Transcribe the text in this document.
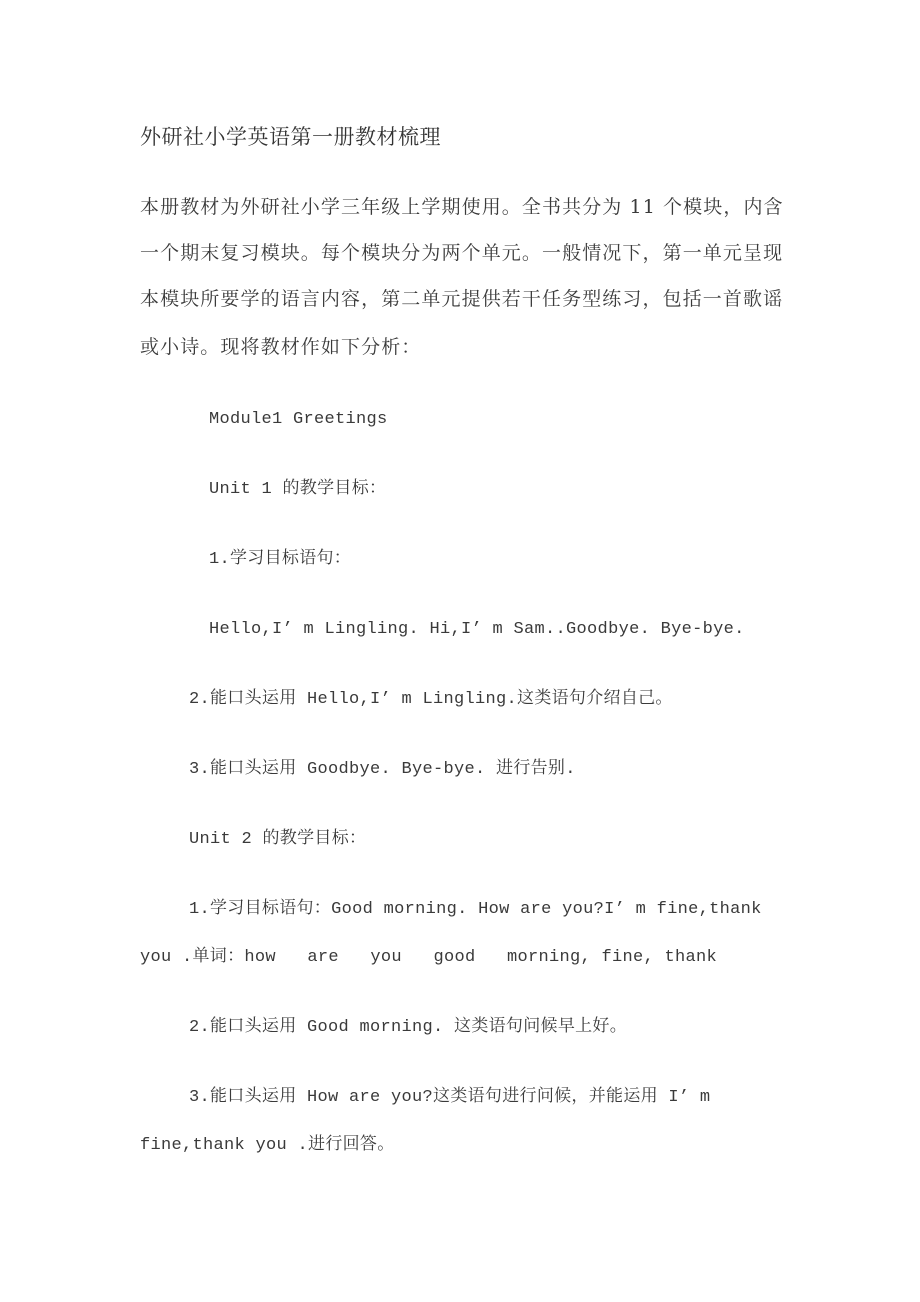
外研社小学英语第一册教材梳理
本册教材为外研社小学三年级上学期使用。全书共分为 11 个模块，内含
一个期末复习模块。每个模块分为两个单元。一般情况下，第一单元呈现
本模块所要学的语言内容，第二单元提供若干任务型练习，包括一首歌谣
或小诗。现将教材作如下分析：
Module1 Greetings
Unit 1 的教学目标：
1.学习目标语句：
Hello,I’ m Lingling. Hi,I’ m Sam..Goodbye. Bye-bye.
2.能口头运用 Hello,I’ m Lingling.这类语句介绍自己。
3.能口头运用 Goodbye. Bye-bye. 进行告别.
Unit 2 的教学目标：
1.学习目标语句：Good morning. How are you?I’ m fine,thank
you .单词：how   are   you   good   morning, fine, thank
2.能口头运用 Good morning. 这类语句问候早上好。
3.能口头运用 How are you?这类语句进行问候，并能运用 I’ m
fine,thank you .进行回答。
